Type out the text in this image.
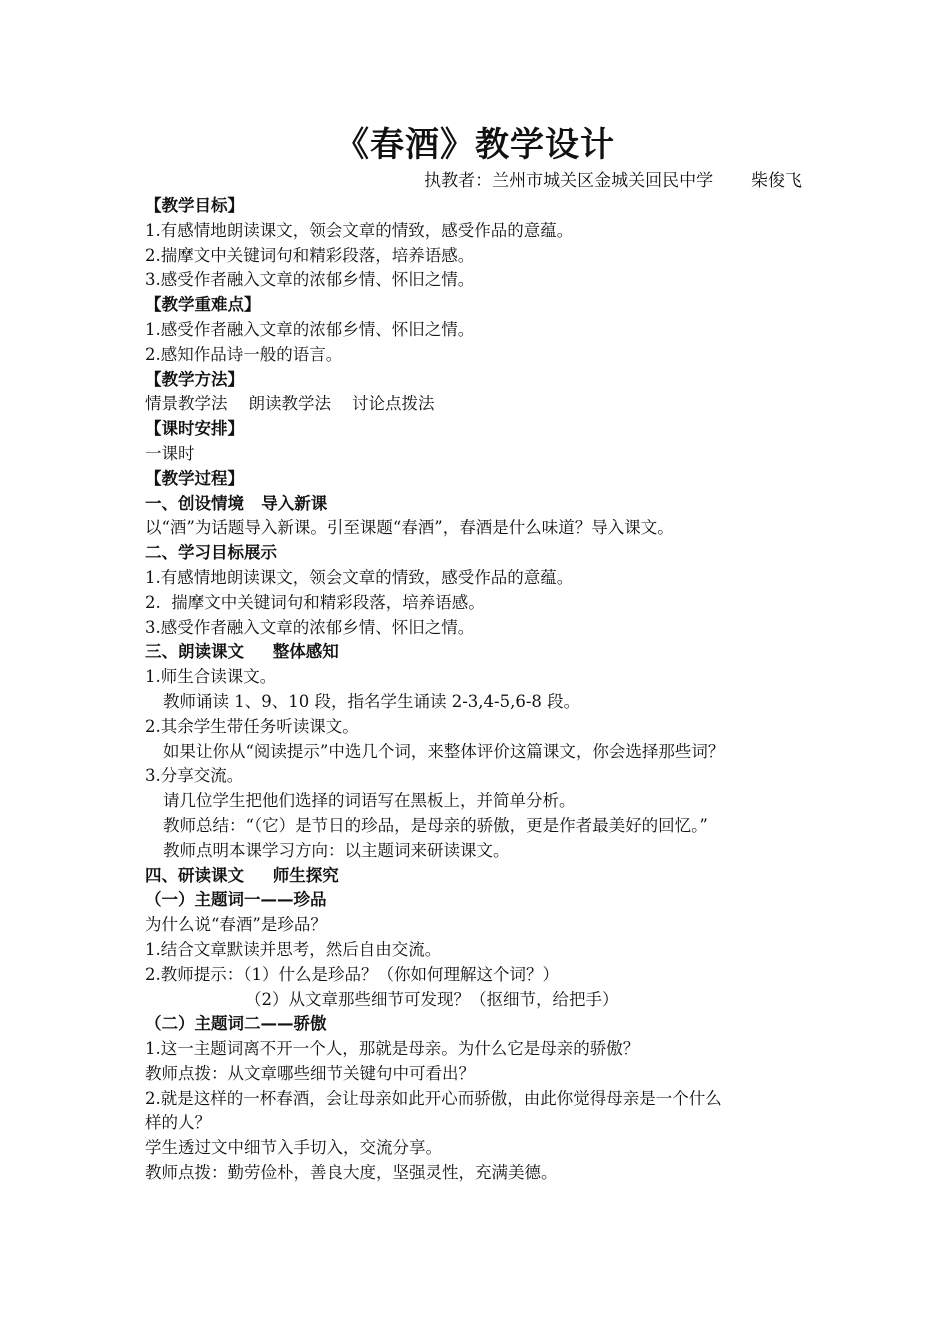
《春酒》教学设计
执教者：兰州市城关区金城关回民中学       柴俊飞
【教学目标】
1.有感情地朗读课文，领会文章的情致，感受作品的意蕴。
2.揣摩文中关键词句和精彩段落，培养语感。
3.感受作者融入文章的浓郁乡情、怀旧之情。
【教学重难点】
1.感受作者融入文章的浓郁乡情、怀旧之情。
2.感知作品诗一般的语言。
【教学方法】
情景教学法    朗读教学法    讨论点拨法
【课时安排】
一课时
【教学过程】
一、创设情境   导入新课
以“酒”为话题导入新课。引至课题“春酒”，春酒是什么味道？导入课文。
二、学习目标展示
1.有感情地朗读课文，领会文章的情致，感受作品的意蕴。
2.  揣摩文中关键词句和精彩段落，培养语感。
3.感受作者融入文章的浓郁乡情、怀旧之情。
三、朗读课文     整体感知
1.师生合读课文。
教师诵读 1、9、10 段，指名学生诵读 2-3,4-5,6-8 段。
2.其余学生带任务听读课文。
如果让你从“阅读提示”中选几个词，来整体评价这篇课文，你会选择那些词？
3.分享交流。
请几位学生把他们选择的词语写在黑板上，并简单分析。
教师总结：“（它）是节日的珍品，是母亲的骄傲，更是作者最美好的回忆。”
教师点明本课学习方向：以主题词来研读课文。
四、研读课文     师生探究
（一）主题词一——珍品
为什么说“春酒”是珍品？
1.结合文章默读并思考，然后自由交流。
2.教师提示：（1）什么是珍品？（你如何理解这个词？）
（2）从文章那些细节可发现？（抠细节，给把手）
（二）主题词二——骄傲
1.这一主题词离不开一个人，那就是母亲。为什么它是母亲的骄傲？
教师点拨：从文章哪些细节关键句中可看出？
2.就是这样的一杯春酒，会让母亲如此开心而骄傲，由此你觉得母亲是一个什么
样的人？
学生透过文中细节入手切入，交流分享。
教师点拨：勤劳俭朴，善良大度，坚强灵性，充满美德。
